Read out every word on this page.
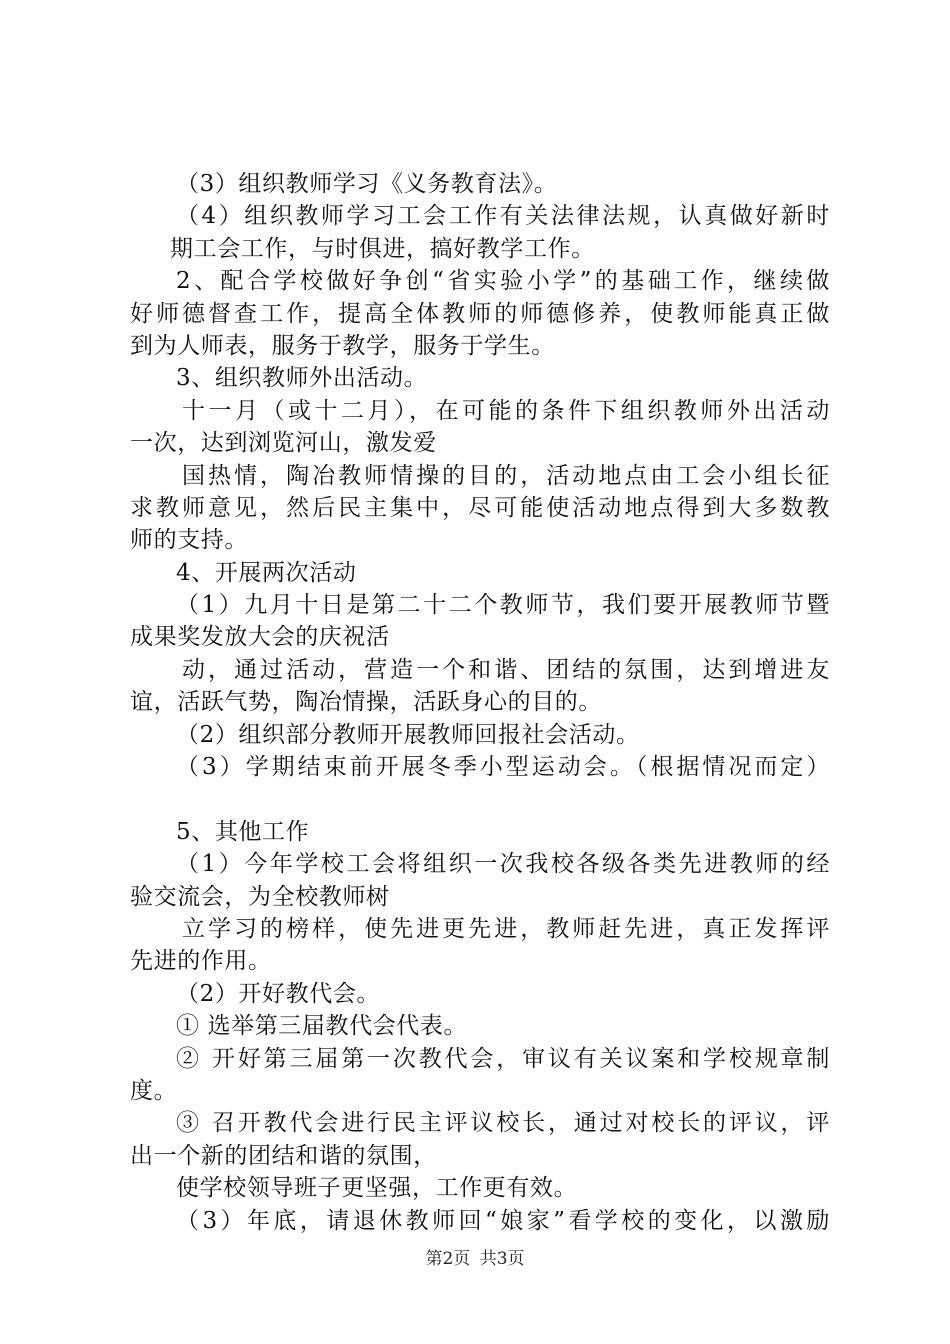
（3）组织教师学习《义务教育法》。
（4）组织教师学习工会工作有关法律法规，认真做好新时
期工会工作，与时俱进，搞好教学工作。
2、配合学校做好争创“省实验小学”的基础工作，继续做
好师德督查工作，提高全体教师的师德修养，使教师能真正做
到为人师表，服务于教学，服务于学生。
3、组织教师外出活动。
十一月（或十二月），在可能的条件下组织教师外出活动
一次，达到浏览河山，激发爱
国热情，陶冶教师情操的目的，活动地点由工会小组长征
求教师意见，然后民主集中，尽可能使活动地点得到大多数教
师的支持。
4、开展两次活动
（1）九月十日是第二十二个教师节，我们要开展教师节暨
成果奖发放大会的庆祝活
动，通过活动，营造一个和谐、团结的氛围，达到增进友
谊，活跃气势，陶冶情操，活跃身心的目的。
（2）组织部分教师开展教师回报社会活动。
（3）学期结束前开展冬季小型运动会。（根据情况而定）
5、其他工作
（1）今年学校工会将组织一次我校各级各类先进教师的经
验交流会，为全校教师树
立学习的榜样，使先进更先进，教师赶先进，真正发挥评
先进的作用。
（2）开好教代会。
① 选举第三届教代会代表。
② 开好第三届第一次教代会，审议有关议案和学校规章制
度。
③ 召开教代会进行民主评议校长，通过对校长的评议，评
出一个新的团结和谐的氛围，
使学校领导班子更坚强，工作更有效。
（3）年底，请退休教师回“娘家”看学校的变化，以激励
第2页 共3页
